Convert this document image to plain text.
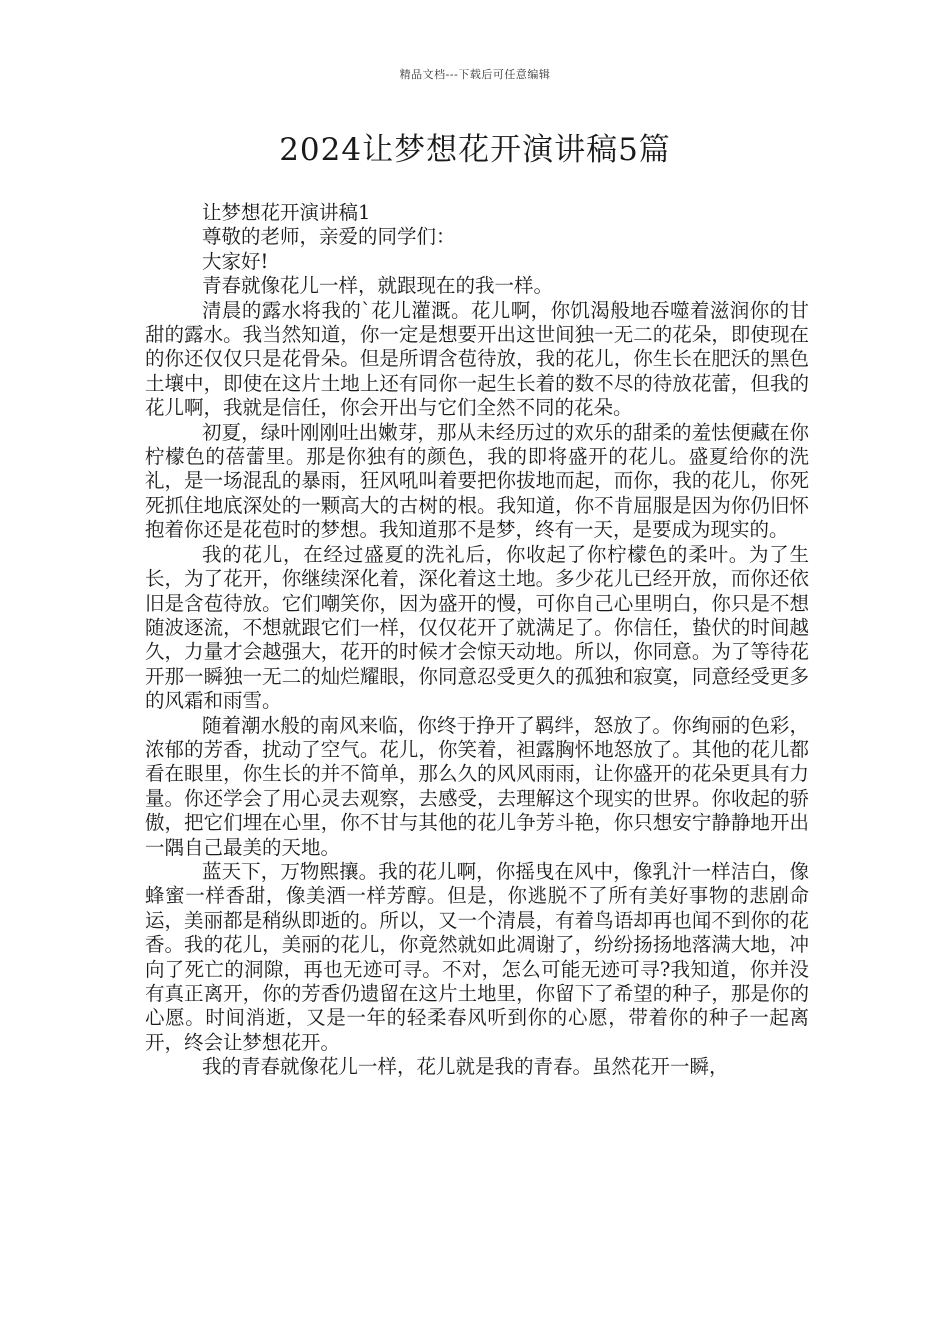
精品文档---下载后可任意编辑
2024让梦想花开演讲稿5篇

让梦想花开演讲稿1

尊敬的老师，亲爱的同学们：

大家好!

青春就像花儿一样，就跟现在的我一样。

清晨的露水将我的`花儿灌溉。花儿啊，你饥渴般地吞噬着滋润你的甘甜的露水。我当然知道，你一定是想要开出这世间独一无二的花朵，即使现在的你还仅仅只是花骨朵。但是所谓含苞待放，我的花儿，你生长在肥沃的黑色土壤中，即使在这片土地上还有同你一起生长着的数不尽的待放花蕾，但我的花儿啊，我就是信任，你会开出与它们全然不同的花朵。

初夏，绿叶刚刚吐出嫩芽，那从未经历过的欢乐的甜柔的羞怯便藏在你柠檬色的蓓蕾里。那是你独有的颜色，我的即将盛开的花儿。盛夏给你的洗礼，是一场混乱的暴雨，狂风吼叫着要把你拔地而起，而你，我的花儿，你死死抓住地底深处的一颗高大的古树的根。我知道，你不肯屈服是因为你仍旧怀抱着你还是花苞时的梦想。我知道那不是梦，终有一天，是要成为现实的。

我的花儿，在经过盛夏的洗礼后，你收起了你柠檬色的柔叶。为了生长，为了花开，你继续深化着，深化着这土地。多少花儿已经开放，而你还依旧是含苞待放。它们嘲笑你，因为盛开的慢，可你自己心里明白，你只是不想随波逐流，不想就跟它们一样，仅仅花开了就满足了。你信任，蛰伏的时间越久，力量才会越强大，花开的时候才会惊天动地。所以，你同意。为了等待花开那一瞬独一无二的灿烂耀眼，你同意忍受更久的孤独和寂寞，同意经受更多的风霜和雨雪。

随着潮水般的南风来临，你终于挣开了羁绊，怒放了。你绚丽的色彩，浓郁的芳香，扰动了空气。花儿，你笑着，袒露胸怀地怒放了。其他的花儿都看在眼里，你生长的并不简单，那么久的风风雨雨，让你盛开的花朵更具有力量。你还学会了用心灵去观察，去感受，去理解这个现实的世界。你收起的骄傲，把它们埋在心里，你不甘与其他的花儿争芳斗艳，你只想安宁静静地开出一隅自己最美的天地。

蓝天下，万物熙攘。我的花儿啊，你摇曳在风中，像乳汁一样洁白，像蜂蜜一样香甜，像美酒一样芳醇。但是，你逃脱不了所有美好事物的悲剧命运，美丽都是稍纵即逝的。所以，又一个清晨，有着鸟语却再也闻不到你的花香。我的花儿，美丽的花儿，你竟然就如此凋谢了，纷纷扬扬地落满大地，冲向了死亡的洞隙，再也无迹可寻。不对，怎么可能无迹可寻?我知道，你并没有真正离开，你的芳香仍遗留在这片土地里，你留下了希望的种子，那是你的心愿。时间消逝，又是一年的轻柔春风听到你的心愿，带着你的种子一起离开，终会让梦想花开。

我的青春就像花儿一样，花儿就是我的青春。虽然花开一瞬，
